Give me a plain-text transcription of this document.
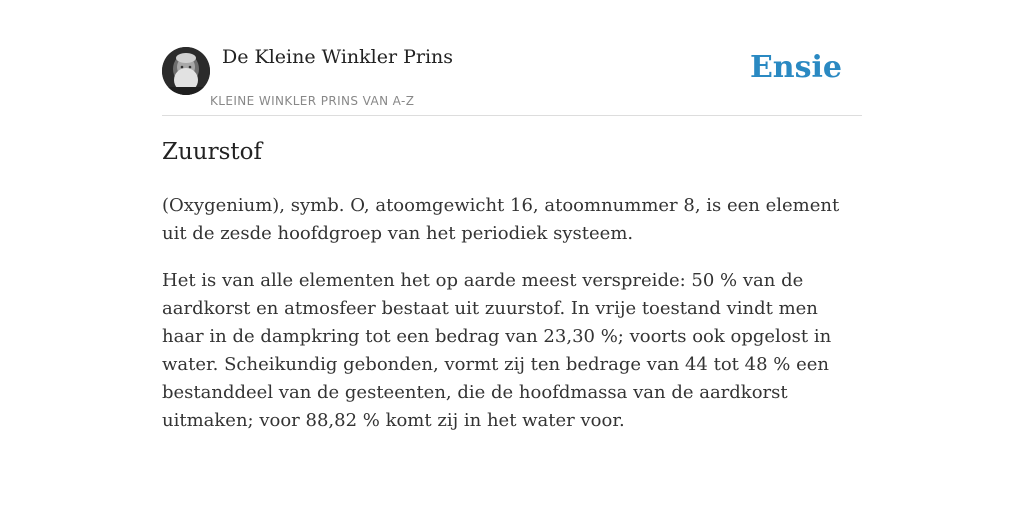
De Kleine Winkler Prins
KLEINE WINKLER PRINS VAN A-Z
Ensie
Zuurstof

(Oxygenium), symb. O, atoomgewicht 16, atoomnummer 8, is een element uit de zesde hoofdgroep van het periodiek systeem.

Het is van alle elementen het op aarde meest verspreide: 50 % van de aardkorst en atmosfeer bestaat uit zuurstof. In vrije toestand vindt men haar in de dampkring tot een bedrag van 23,30 %; voorts ook opgelost in water. Scheikundig gebonden, vormt zij ten bedrage van 44 tot 48 % een bestanddeel van de gesteenten, die de hoofdmassa van de aardkorst uitmaken; voor 88,82 % komt zij in het water voor.
